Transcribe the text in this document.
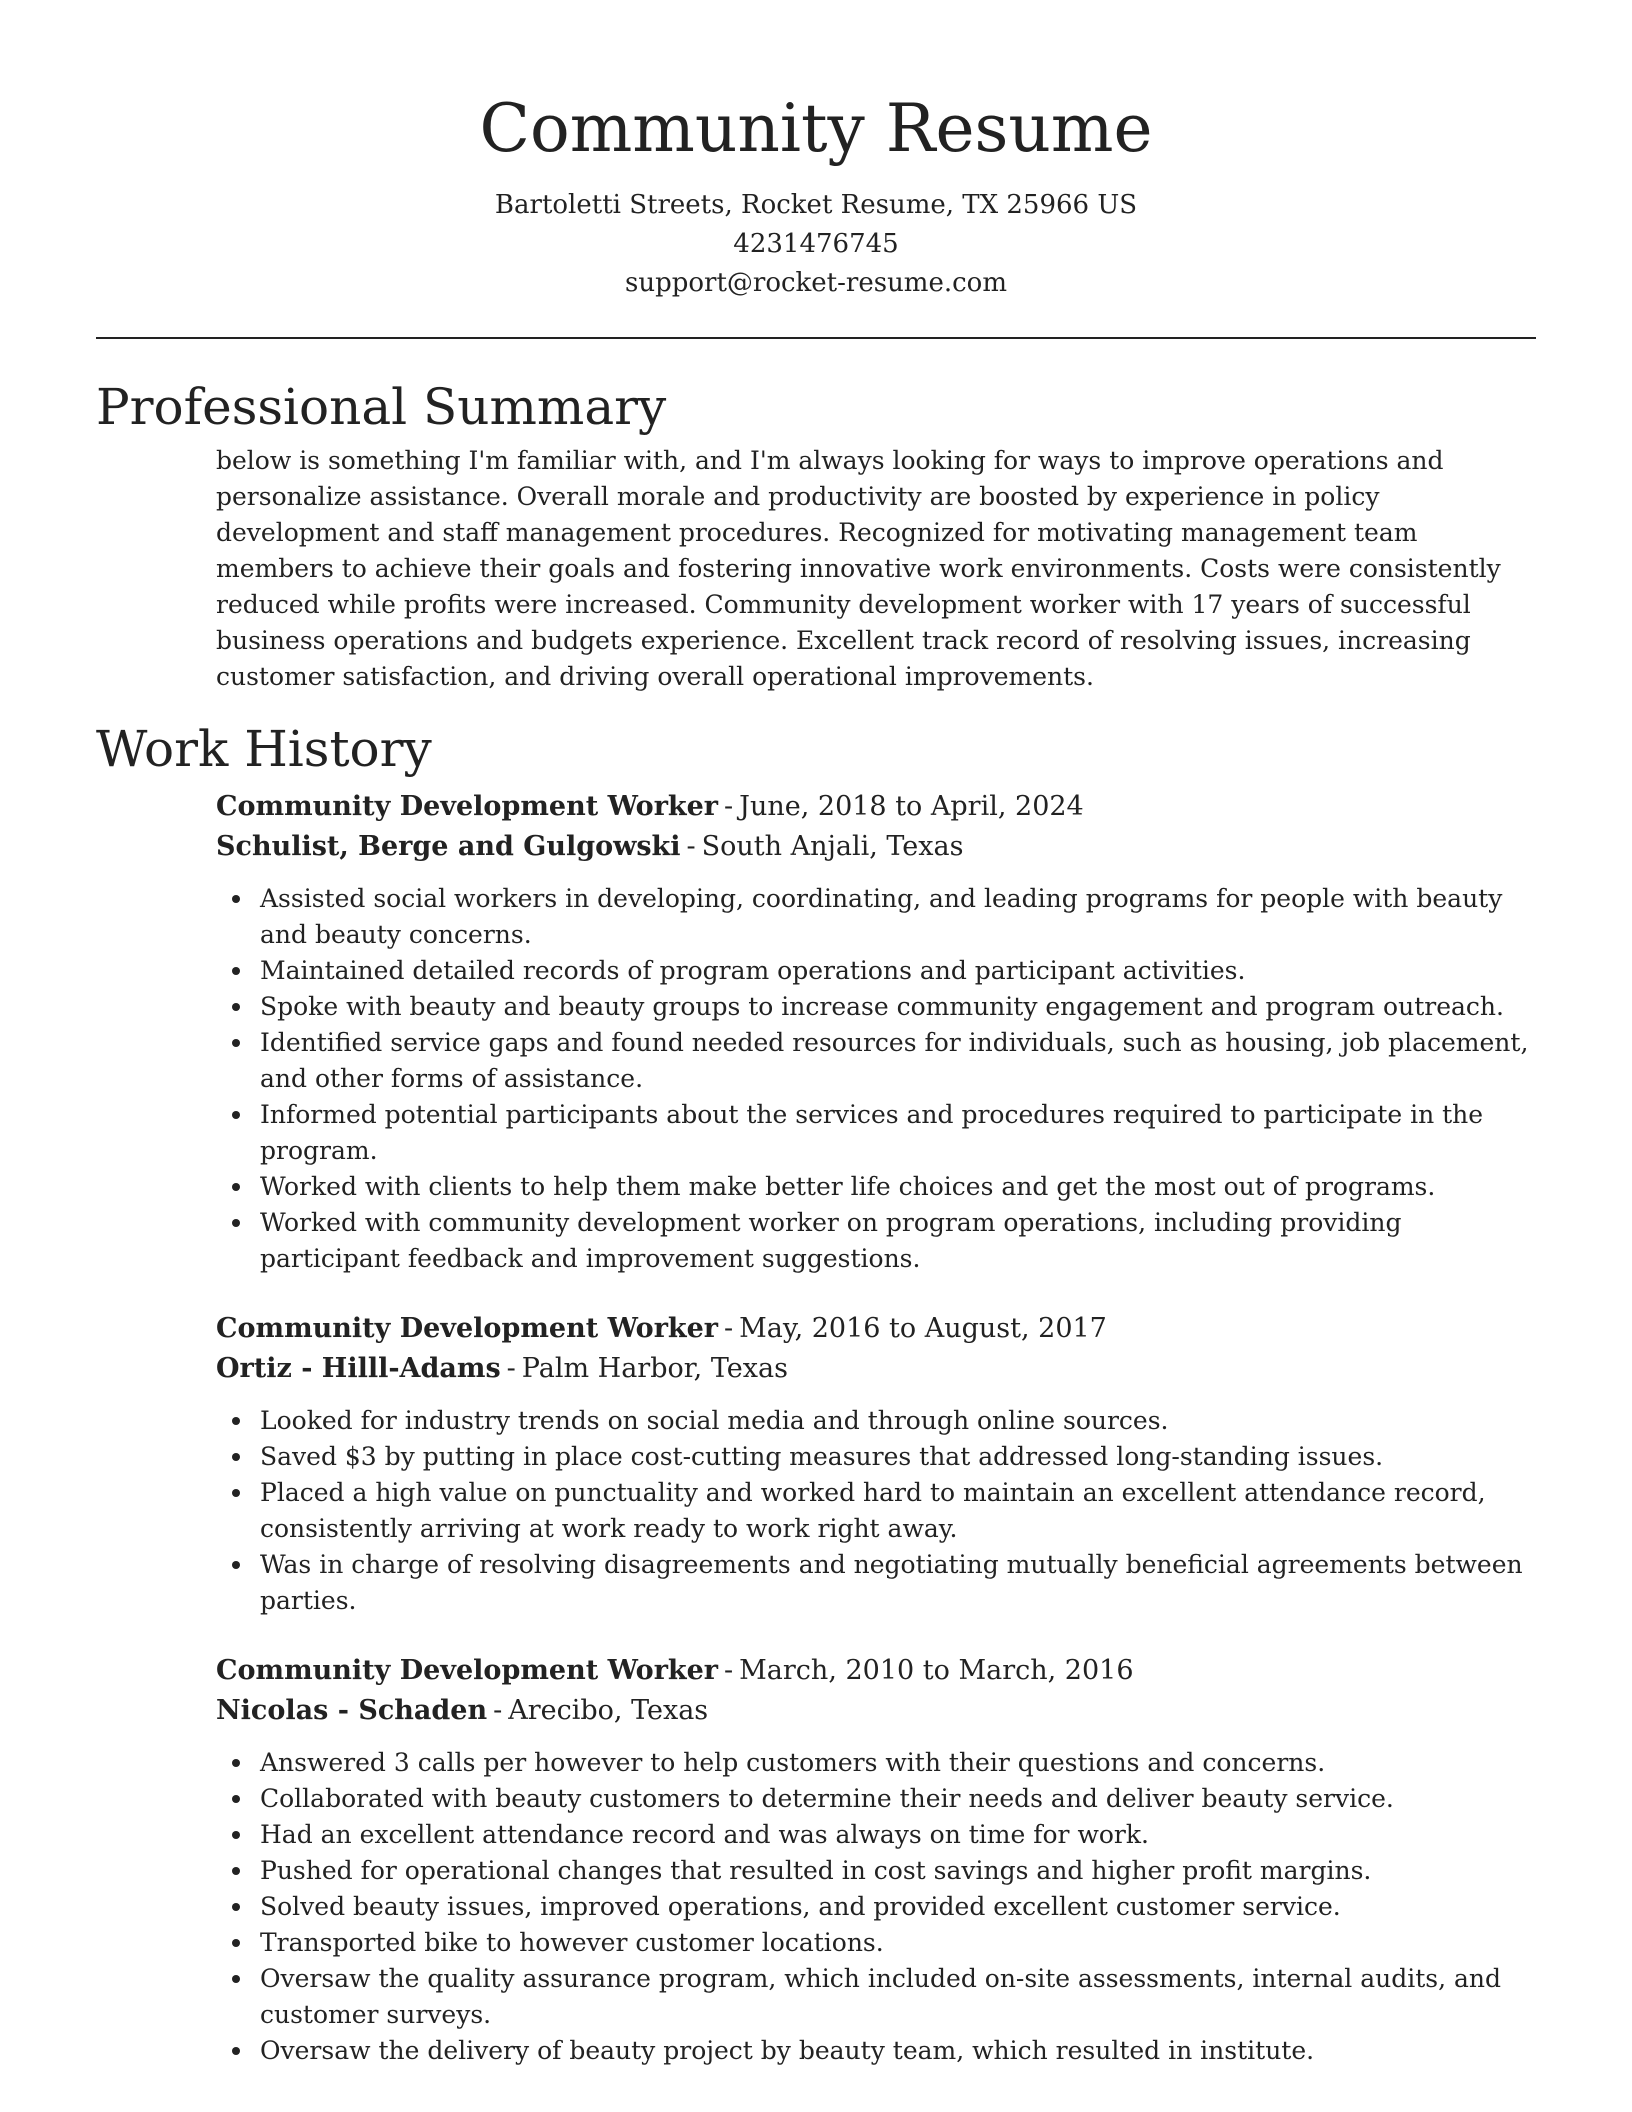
Community Resume

Bartoletti Streets, Rocket Resume, TX 25966 US

4231476745

support@rocket-resume.com

Professional Summary

below is something I'm familiar with, and I'm always looking for ways to improve operations and personalize assistance. Overall morale and productivity are boosted by experience in policy development and staff management procedures. Recognized for motivating management team members to achieve their goals and fostering innovative work environments. Costs were consistently reduced while profits were increased. Community development worker with 17 years of successful business operations and budgets experience. Excellent track record of resolving issues, increasing customer satisfaction, and driving overall operational improvements.

Work History

Community Development Worker - June, 2018 to April, 2024

Schulist, Berge and Gulgowski - South Anjali, Texas

Assisted social workers in developing, coordinating, and leading programs for people with beauty and beauty concerns.
Maintained detailed records of program operations and participant activities.
Spoke with beauty and beauty groups to increase community engagement and program outreach.
Identified service gaps and found needed resources for individuals, such as housing, job placement, and other forms of assistance.
Informed potential participants about the services and procedures required to participate in the program.
Worked with clients to help them make better life choices and get the most out of programs.
Worked with community development worker on program operations, including providing participant feedback and improvement suggestions.

Community Development Worker - May, 2016 to August, 2017

Ortiz - Hilll-Adams - Palm Harbor, Texas

Looked for industry trends on social media and through online sources.
Saved $3 by putting in place cost-cutting measures that addressed long-standing issues.
Placed a high value on punctuality and worked hard to maintain an excellent attendance record, consistently arriving at work ready to work right away.
Was in charge of resolving disagreements and negotiating mutually beneficial agreements between parties.

Community Development Worker - March, 2010 to March, 2016

Nicolas - Schaden - Arecibo, Texas

Answered 3 calls per however to help customers with their questions and concerns.
Collaborated with beauty customers to determine their needs and deliver beauty service.
Had an excellent attendance record and was always on time for work.
Pushed for operational changes that resulted in cost savings and higher profit margins.
Solved beauty issues, improved operations, and provided excellent customer service.
Transported bike to however customer locations.
Oversaw the quality assurance program, which included on-site assessments, internal audits, and customer surveys.
Oversaw the delivery of beauty project by beauty team, which resulted in institute.
